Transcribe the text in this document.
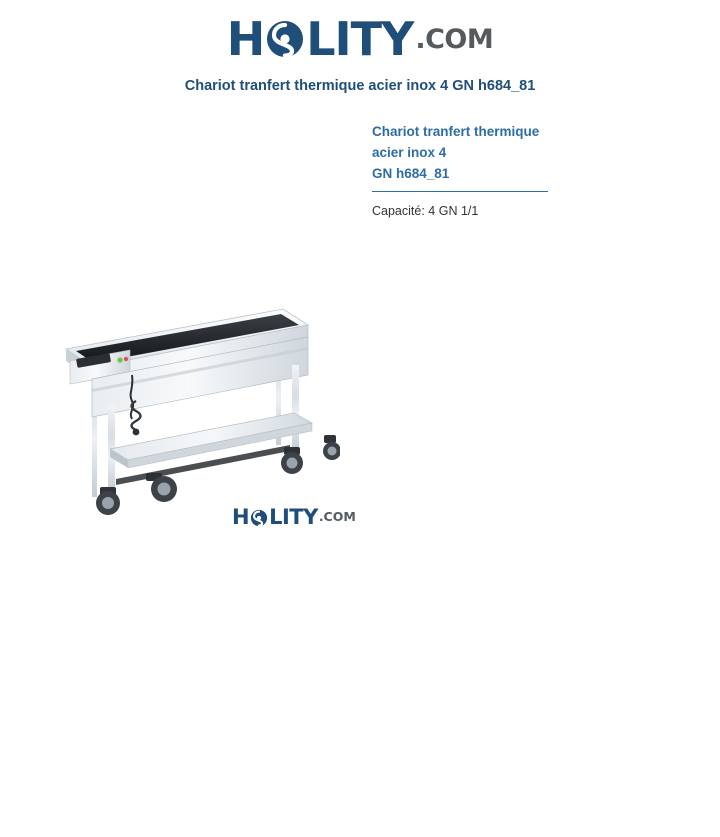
H LITY.COM
Chariot tranfert thermique acier inox 4 GN h684_81
Chariot tranfert thermique
acier inox 4
GN h684_81
Capacité: 4 GN 1/1
H LITY.COM
